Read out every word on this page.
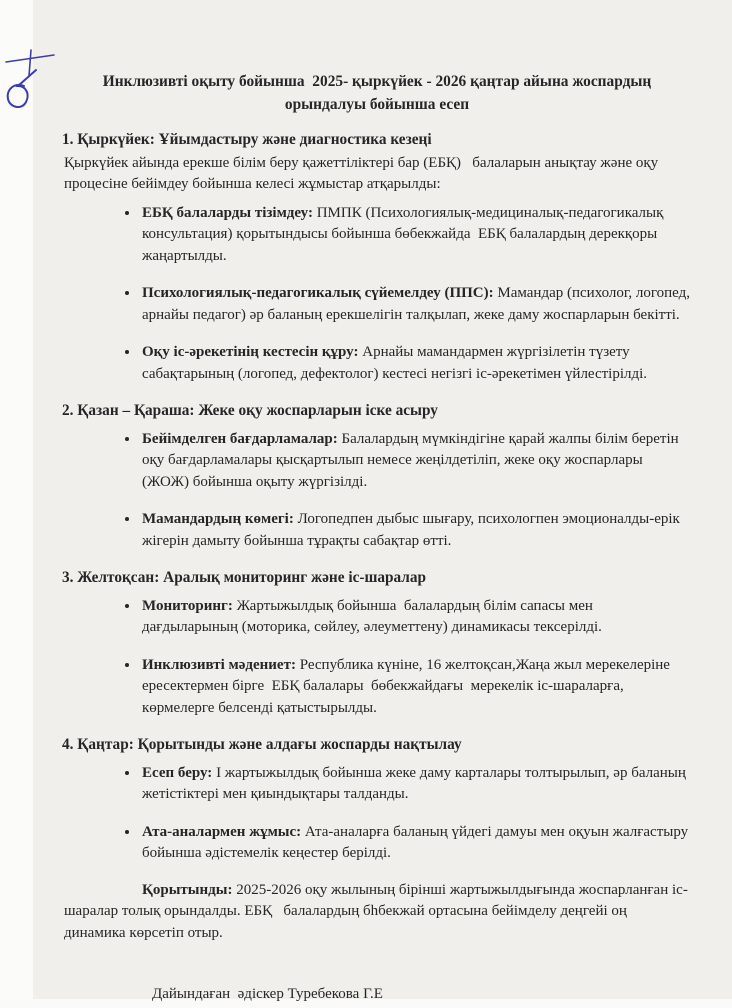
Инклюзивті оқыту бойынша  2025- қыркүйек - 2026 қаңтар айына жоспардың
орындалуы бойынша есеп

1. Қыркүйек: Ұйымдастыру және диагностика кезеңі

Қыркүйек айында ерекше білім беру қажеттіліктері бар (ЕБҚ)   балаларын анықтау және оқу процесіне бейімдеу бойынша келесі жұмыстар атқарылды:

• ЕБҚ балаларды тізімдеу: ПМПК (Психологиялық-медициналық-педагогикалық консультация) қорытындысы бойынша бөбекжайда  ЕБҚ балалардың дерекқоры жаңартылды.
• Психологиялық-педагогикалық сүйемелдеу (ППС): Мамандар (психолог, логопед, арнайы педагог) әр баланың ерекшелігін талқылап, жеке даму жоспарларын бекітті.
• Оқу іс-әрекетінің кестесін құру: Арнайы мамандармен жүргізілетін түзету сабақтарының (логопед, дефектолог) кестесі негізгі іс-әрекетімен үйлестірілді.

2. Қазан – Қараша: Жеке оқу жоспарларын іске асыру

• Бейімделген бағдарламалар: Балалардың мүмкіндігіне қарай жалпы білім беретін оқу бағдарламалары қысқартылып немесе жеңілдетіліп, жеке оқу жоспарлары (ЖОЖ) бойынша оқыту жүргізілді.
• Мамандардың көмегі: Логопедпен дыбыс шығару, психологпен эмоционалды-ерік жігерін дамыту бойынша тұрақты сабақтар өтті.

3. Желтоқсан: Аралық мониторинг және іс-шаралар

• Мониторинг: Жартыжылдық бойынша  балалардың білім сапасы мен дағдыларының (моторика, сөйлеу, әлеуметтену) динамикасы тексерілді.
• Инклюзивті мәдениет: Республика күніне, 16 желтоқсан,Жаңа жыл мерекелеріне ересектермен бірге  ЕБҚ балалары  бөбекжайдағы  мерекелік іс-шараларға, көрмелерге белсенді қатыстырылды.

4. Қаңтар: Қорытынды және алдағы жоспарды нақтылау

• Есеп беру: І жартыжылдық бойынша жеке даму карталары толтырылып, әр баланың жетістіктері мен қиындықтары талданды.
• Ата-аналармен жұмыс: Ата-аналарға баланың үйдегі дамуы мен оқуын жалғастыру бойынша әдістемелік кеңестер берілді.

Қорытынды: 2025-2026 оқу жылының бірінші жартыжылдығында жоспарланған іс-шаралар толық орындалды. ЕБҚ   балалардың бһбекжай ортасына бейімделу деңгейі оң динамика көрсетіп отыр.

Дайындаған  әдіскер Туребекова Г.Е
